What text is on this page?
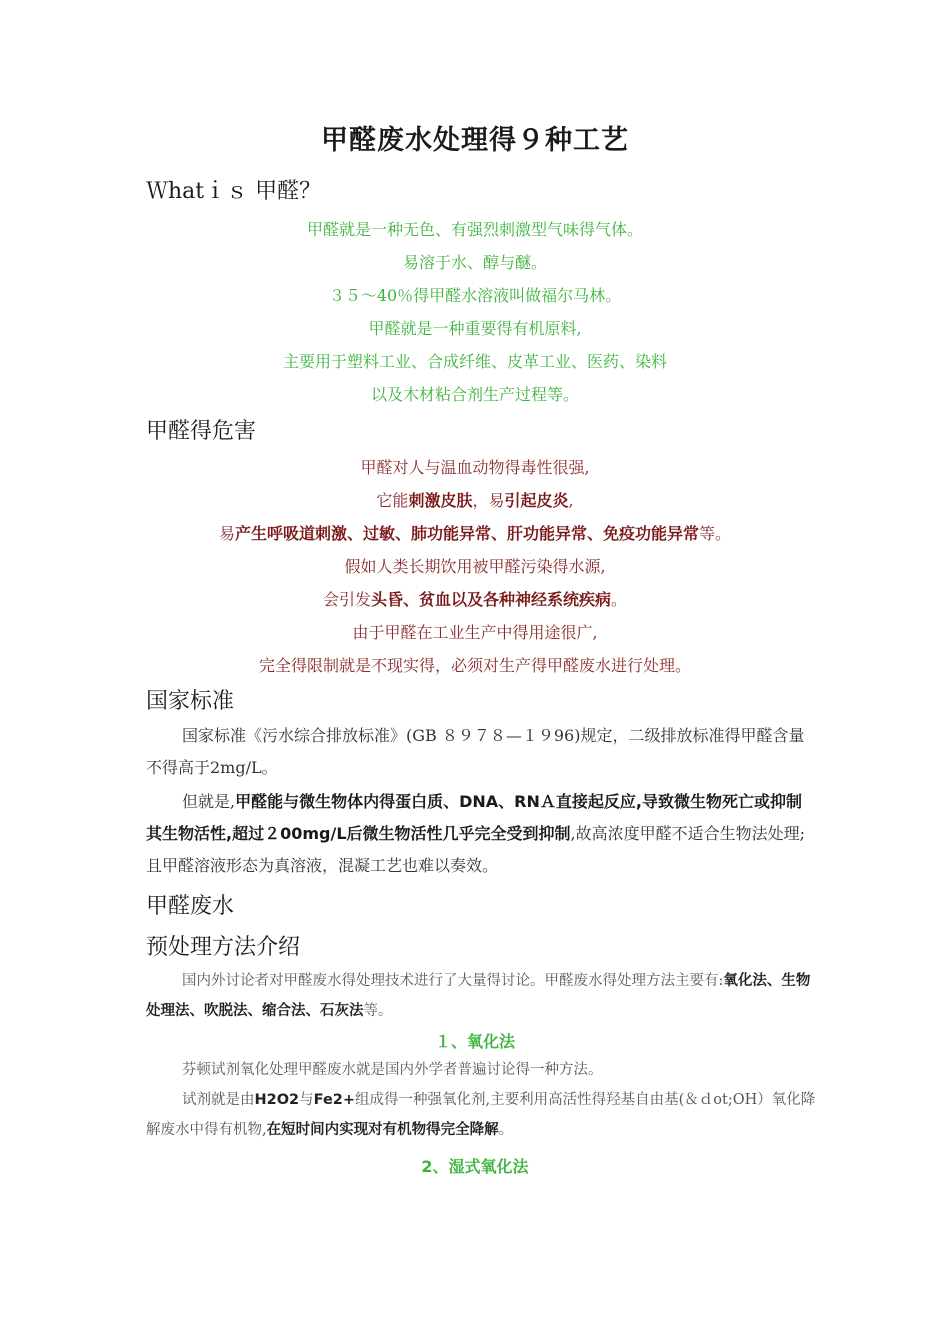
甲醛废水处理得９种工艺
Ｗhatｉｓ 甲醛？
甲醛就是一种无色、有强烈刺激型气味得气体。
易溶于水、醇与醚。
３５～40％得甲醛水溶液叫做福尔马林。
甲醛就是一种重要得有机原料,
主要用于塑料工业、合成纤维、皮革工业、医药、染料
以及木材粘合剂生产过程等。
甲醛得危害
甲醛对人与温血动物得毒性很强,
它能刺激皮肤，易引起皮炎,
易产生呼吸道刺激、过敏、肺功能异常、肝功能异常、免疫功能异常等。
假如人类长期饮用被甲醛污染得水源,
会引发头昏、贫血以及各种神经系统疾病。
由于甲醛在工业生产中得用途很广,
完全得限制就是不现实得，必须对生产得甲醛废水进行处理。
国家标准
国家标准《污水综合排放标准》(GB ８９７８—１９96)规定，二级排放标准得甲醛含量不得高于2mg/L。
但就是,甲醛能与微生物体内得蛋白质、DNA、RNＡ直接起反应,导致微生物死亡或抑制其生物活性,超过２00mg/L后微生物活性几乎完全受到抑制,故高浓度甲醛不适合生物法处理;且甲醛溶液形态为真溶液，混凝工艺也难以奏效。
甲醛废水
预处理方法介绍
国内外讨论者对甲醛废水得处理技术进行了大量得讨论。甲醛废水得处理方法主要有:氧化法、生物处理法、吹脱法、缩合法、石灰法等。
１、氧化法
芬顿试剂氧化处理甲醛废水就是国内外学者普遍讨论得一种方法。
试剂就是由H2O2与Fe2+组成得一种强氧化剂,主要利用高活性得羟基自由基(＆ｄot;OH）氧化降解废水中得有机物,在短时间内实现对有机物得完全降解。
2、湿式氧化法
